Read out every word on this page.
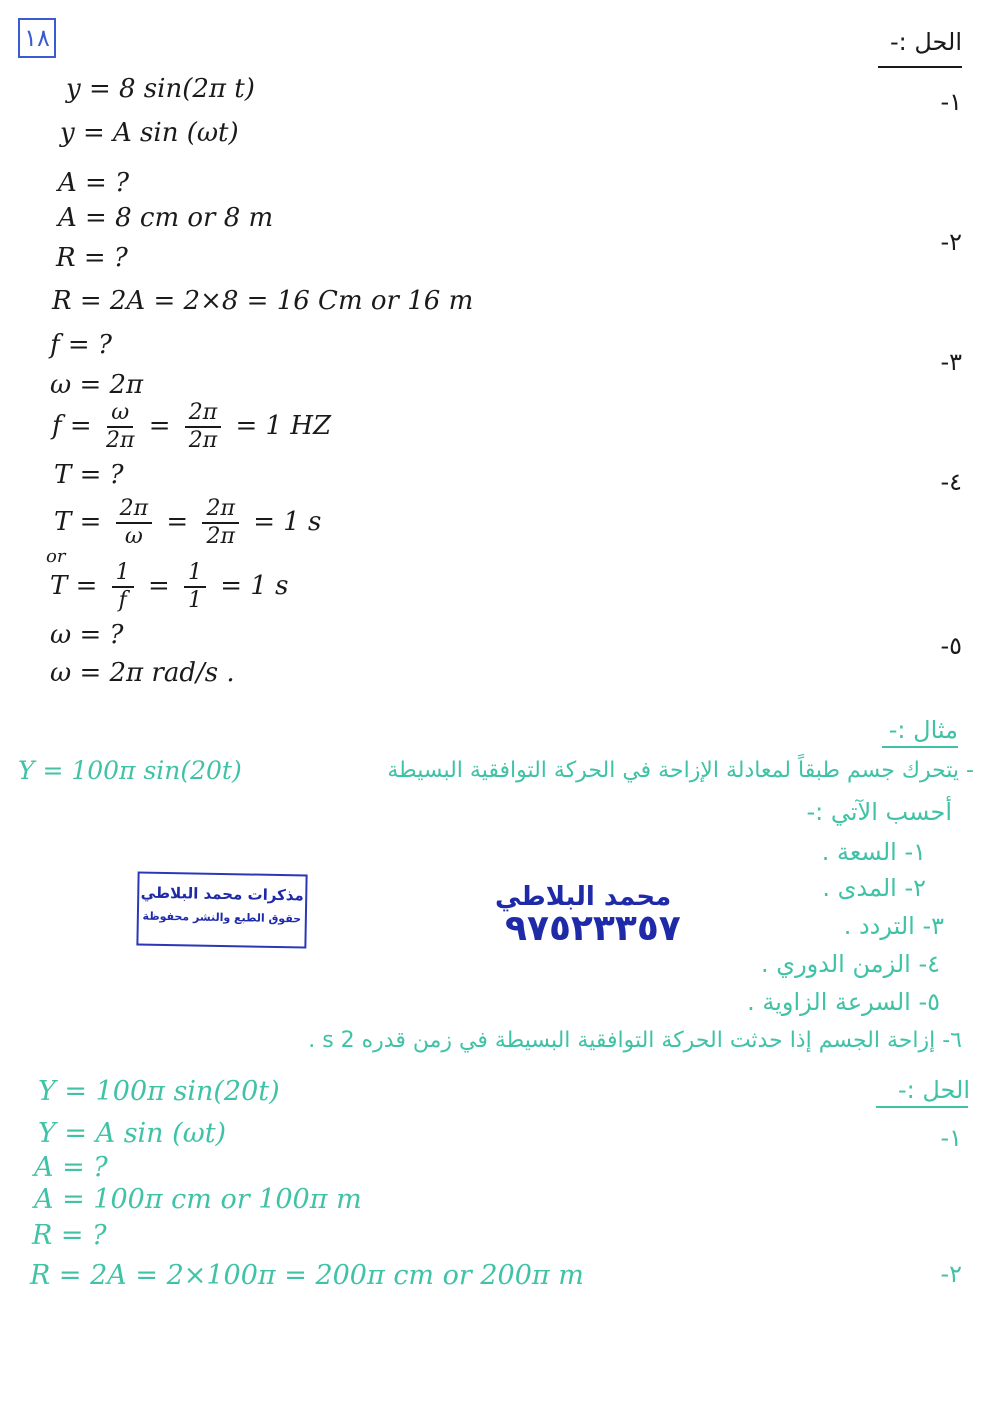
١٨	الحل :-
١-
٢-
٣-
٤-
٥-
y = 8 sin(2π t)
y = A sin (ωt)
A = ?
A = 8 cm or 8 m
R = ?
R = 2A = 2×8 = 16 Cm or 16 m
f = ?
ω = 2π
$f = \frac{\omega}{2\pi} = \frac{2\pi}{2\pi} = 1$ HZ
T = ?
$T = \frac{2\pi}{\omega} = \frac{2\pi}{2\pi} = 1$ s
or
$T = \frac{1}{f} = \frac{1}{1} = 1$ s
ω = ?
ω = 2π rad/s .
مثال :-
Y = 100π sin(20t)	- يتحرك جسم طبقاً لمعادلة الإزاحة في الحركة التوافقية البسيطة
أحسب الآتي :-
١- السعة .
٢- المدى .
٣- التردد .
٤- الزمن الدوري .
٥- السرعة الزاوية .
٦- إزاحة الجسم إذا حدثت الحركة التوافقية البسيطة في زمن قدره 2 s .
مذكرات محمد البلاطي
حقوق الطبع والنشر محفوظة
محمد البلاطي
٩٧٥٢٣٣٥٧
الحل :-
١-
٢-
Y = 100π sin(20t)
Y = A sin (ωt)
A = ?
A = 100π cm or 100π m
R = ?
R = 2A = 2×100π = 200π cm or 200π m
